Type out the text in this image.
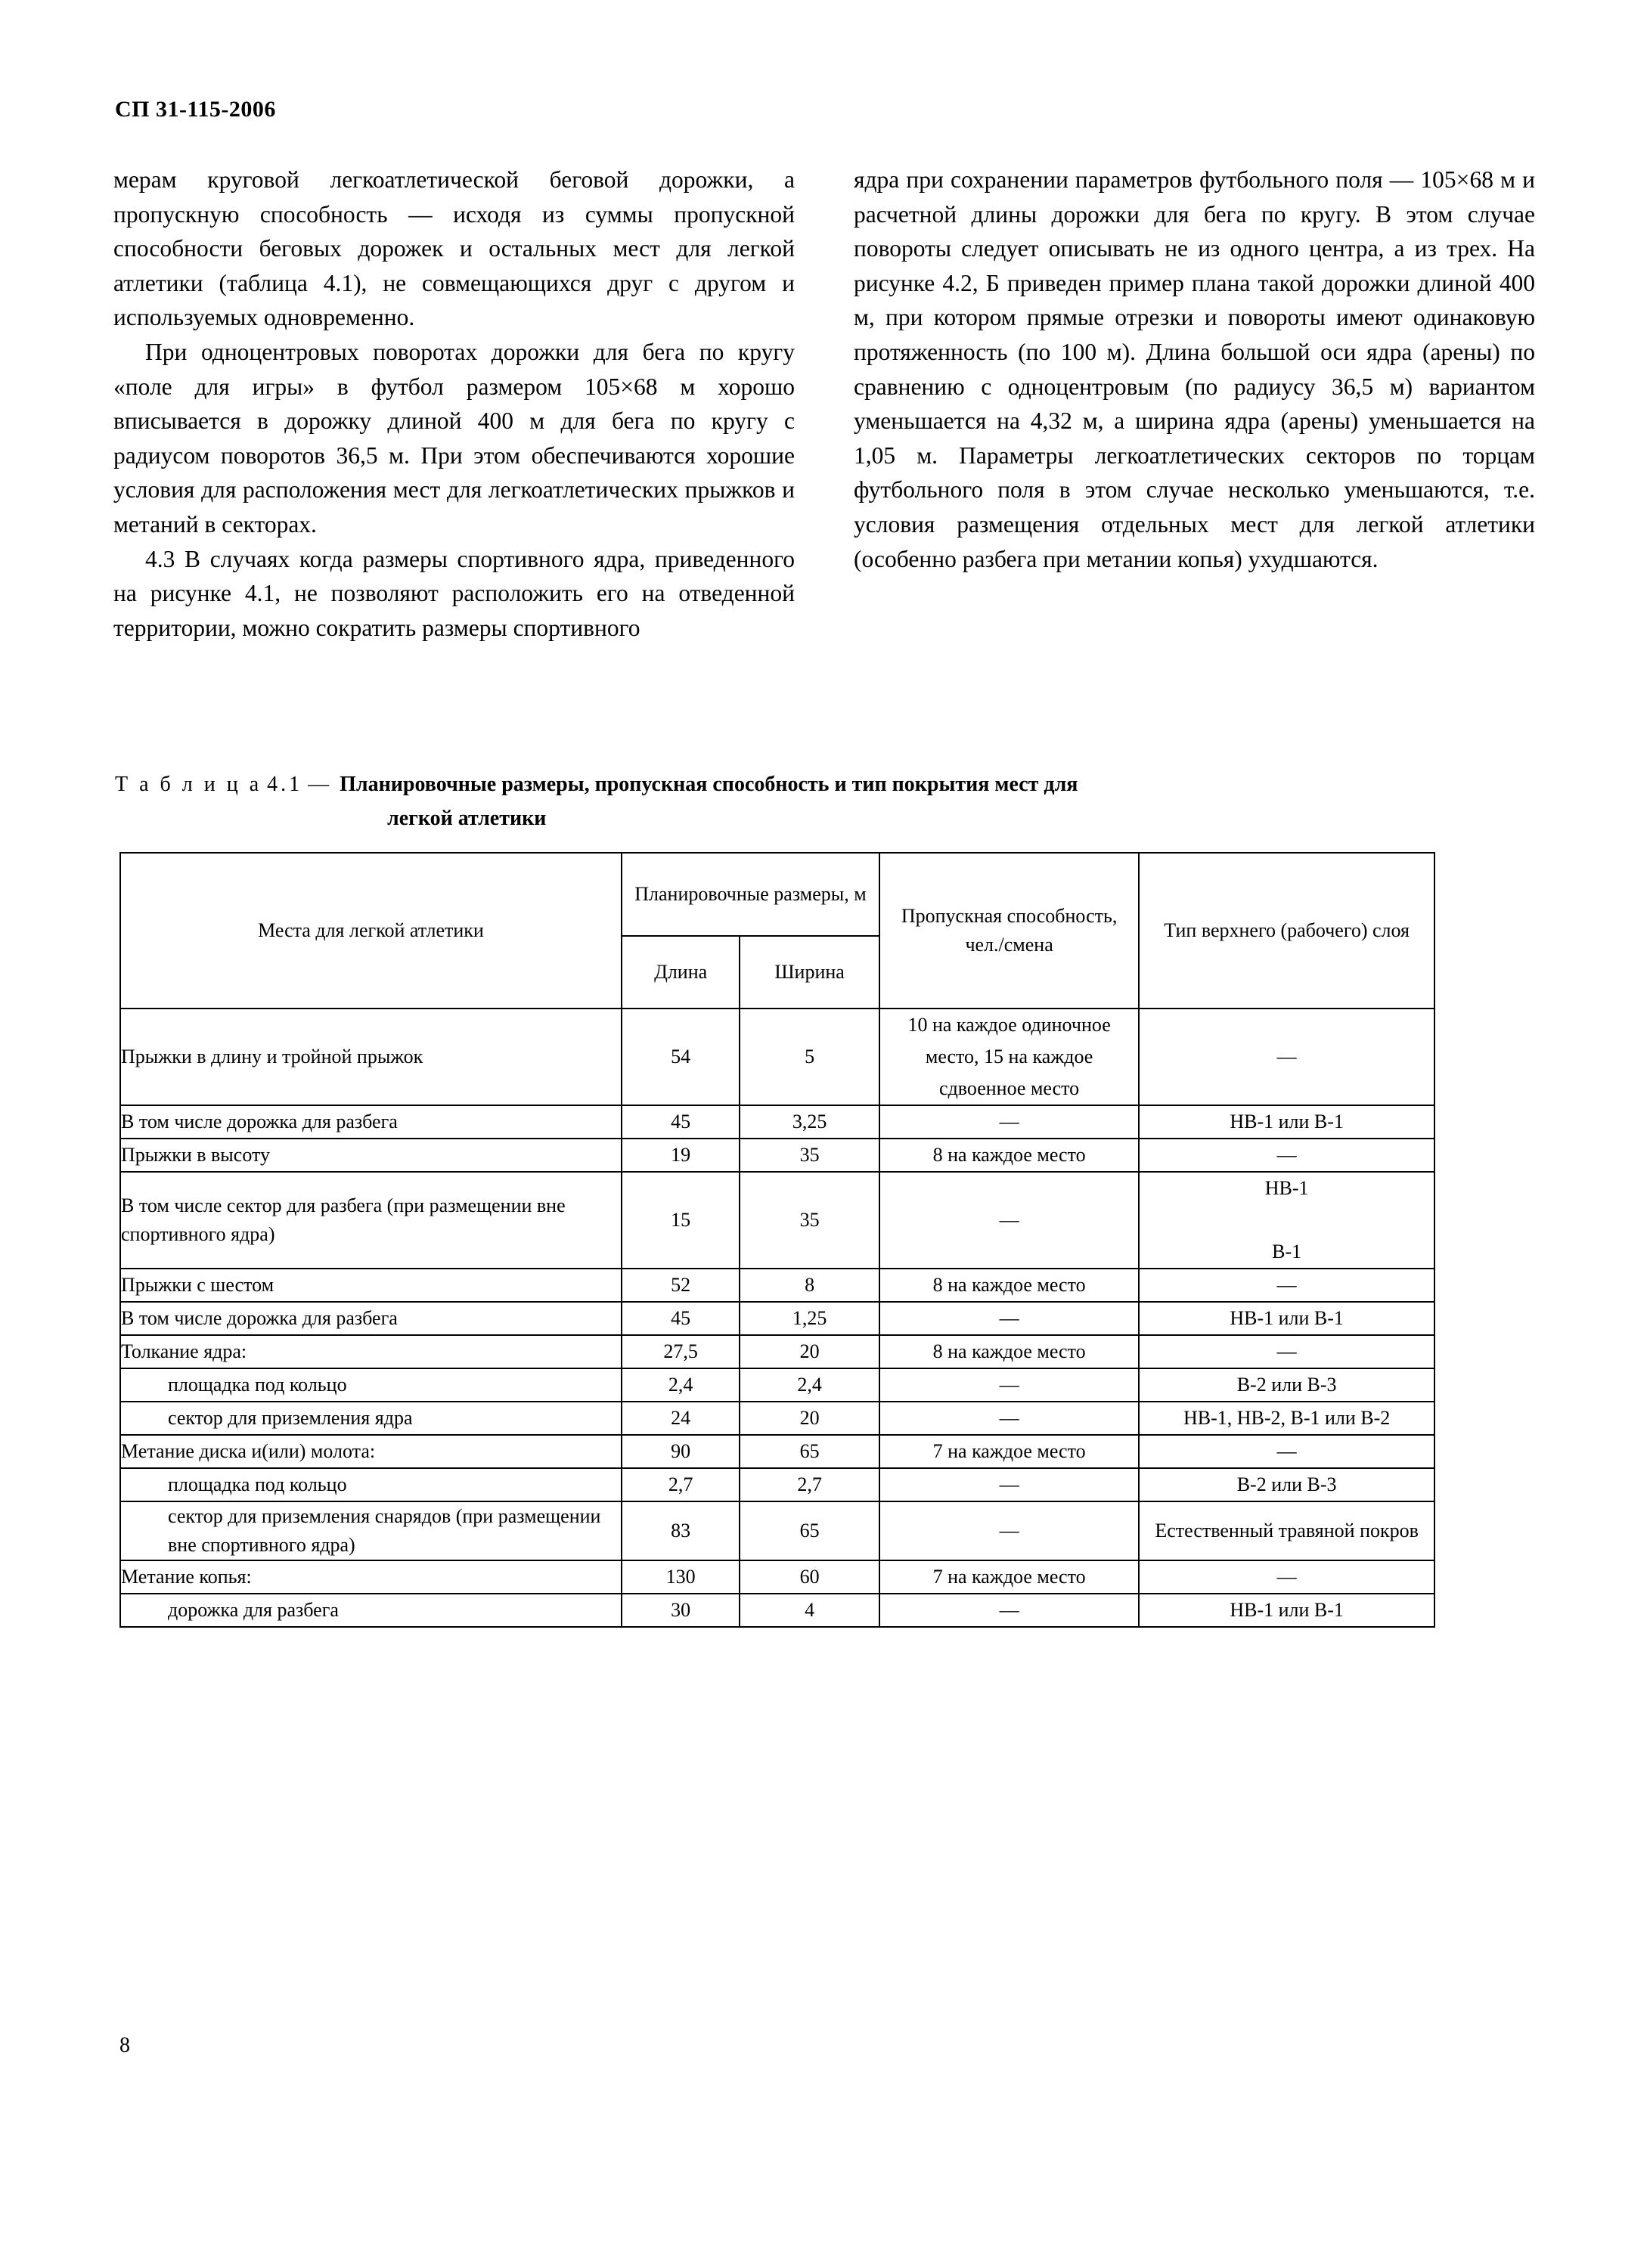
СП 31-115-2006

мерам круговой легкоатлетической беговой дорожки, а пропускную способность — исходя из суммы пропускной способности беговых дорожек и остальных мест для легкой атлетики (таблица 4.1), не совмещающихся друг с другом и используемых одновременно.

При одноцентровых поворотах дорожки для бега по кругу «поле для игры» в футбол размером 105×68 м хорошо вписывается в дорожку длиной 400 м для бега по кругу с радиусом поворотов 36,5 м. При этом обеспечиваются хорошие условия для расположения мест для легкоатлетических прыжков и метаний в секторах.

4.3 В случаях когда размеры спортивного ядра, приведенного на рисунке 4.1, не позволяют расположить его на отведенной территории, можно сократить размеры спортивного

ядра при сохранении параметров футбольного поля — 105×68 м и расчетной длины дорожки для бега по кругу. В этом случае повороты следует описывать не из одного центра, а из трех. На рисунке 4.2, Б приведен пример плана такой дорожки длиной 400 м, при котором прямые отрезки и повороты имеют одинаковую протяженность (по 100 м). Длина большой оси ядра (арены) по сравнению с одноцентровым (по радиусу 36,5 м) вариантом уменьшается на 4,32 м, а ширина ядра (арены) уменьшается на 1,05 м. Параметры легкоатлетических секторов по торцам футбольного поля в этом случае несколько уменьшаются, т.е. условия размещения отдельных мест для легкой атлетики (особенно разбега при метании копья) ухудшаются.

Т а б л и ц а 4.1 — Планировочные размеры, пропускная способность и тип покрытия мест для
легкой атлетики
Места для легкой атлетики	Планировочные размеры, м		Пропускная способность, чел./смена	Тип верхнего (рабочего) слоя
	Длина	Ширина		
Прыжки в длину и тройной прыжок	54	5	10 на каждое одиночное место, 15 на каждое сдвоенное место	—
В том числе дорожка для разбега	45	3,25	—	НВ-1 или В-1
Прыжки в высоту	19	35	8 на каждое место	—
В том числе сектор для разбега (при размещении вне спортивного ядра)	15	35	—	НВ-1

В-1
Прыжки с шестом	52	8	8 на каждое место	—
В том числе дорожка для разбега	45	1,25	—	НВ-1 или В-1
Толкание ядра:	27,5	20	8 на каждое место	—
площадка под кольцо	2,4	2,4	—	В-2 или В-3
сектор для приземления ядра	24	20	—	НВ-1, НВ-2, В-1 или В-2
Метание диска и(или) молота:	90	65	7 на каждое место	—
площадка под кольцо	2,7	2,7	—	В-2 или В-3
сектор для приземления снарядов (при размещении вне спортивного ядра)	83	65	—	Естественный травяной покров
Метание копья:	130	60	7 на каждое место	—
дорожка для разбега	30	4	—	НВ-1 или В-1
8
